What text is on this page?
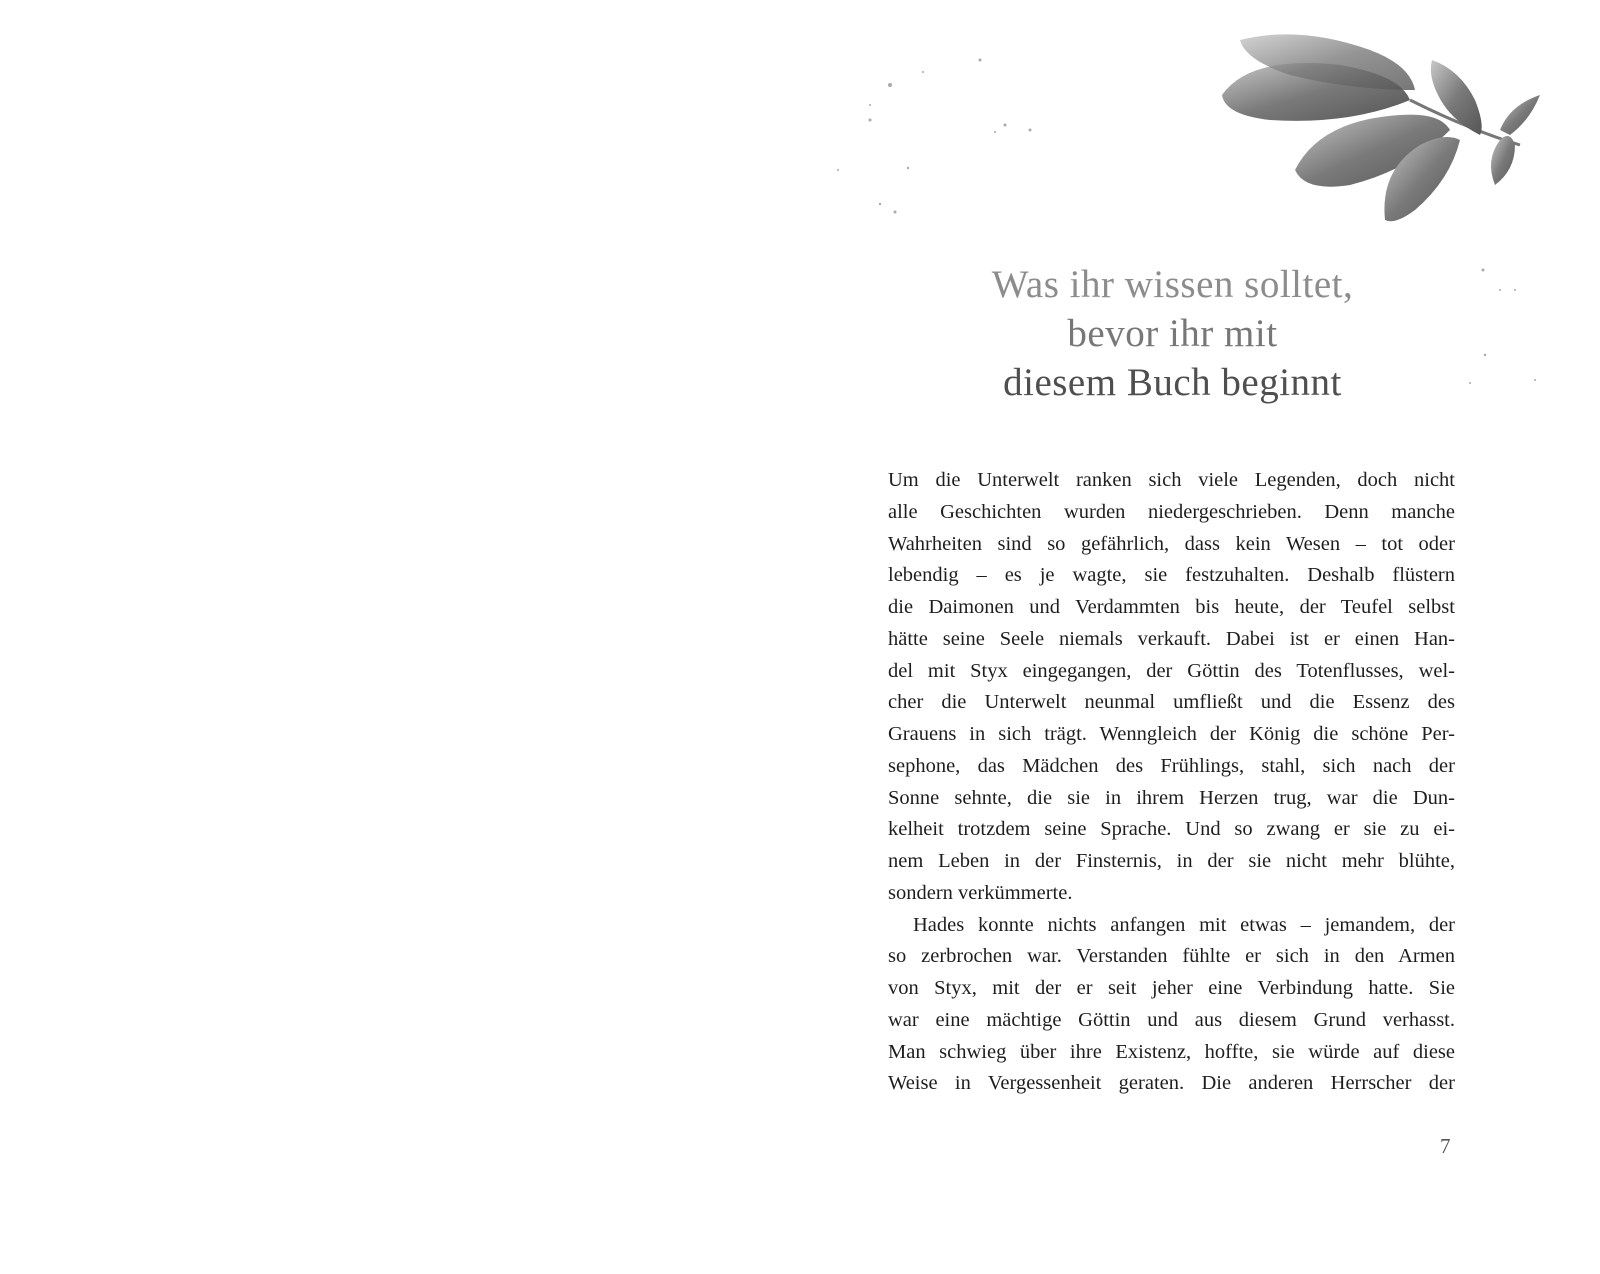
Was ihr wissen solltet,
bevor ihr mit
diesem Buch beginnt
Um die Unterwelt ranken sich viele Legenden, doch nicht
alle Geschichten wurden niedergeschrieben. Denn manche
Wahrheiten sind so gefährlich, dass kein Wesen – tot oder
lebendig – es je wagte, sie festzuhalten. Deshalb flüstern
die Daimonen und Verdammten bis heute, der Teufel selbst
hätte seine Seele niemals verkauft. Dabei ist er einen Han-
del mit Styx eingegangen, der Göttin des Totenflusses, wel-
cher die Unterwelt neunmal umfließt und die Essenz des
Grauens in sich trägt. Wenngleich der König die schöne Per-
sephone, das Mädchen des Frühlings, stahl, sich nach der
Sonne sehnte, die sie in ihrem Herzen trug, war die Dun-
kelheit trotzdem seine Sprache. Und so zwang er sie zu ei-
nem Leben in der Finsternis, in der sie nicht mehr blühte,
sondern verkümmerte.
Hades konnte nichts anfangen mit etwas – jemandem, der
so zerbrochen war. Verstanden fühlte er sich in den Armen
von Styx, mit der er seit jeher eine Verbindung hatte. Sie
war eine mächtige Göttin und aus diesem Grund verhasst.
Man schwieg über ihre Existenz, hoffte, sie würde auf diese
Weise in Vergessenheit geraten. Die anderen Herrscher der
7
